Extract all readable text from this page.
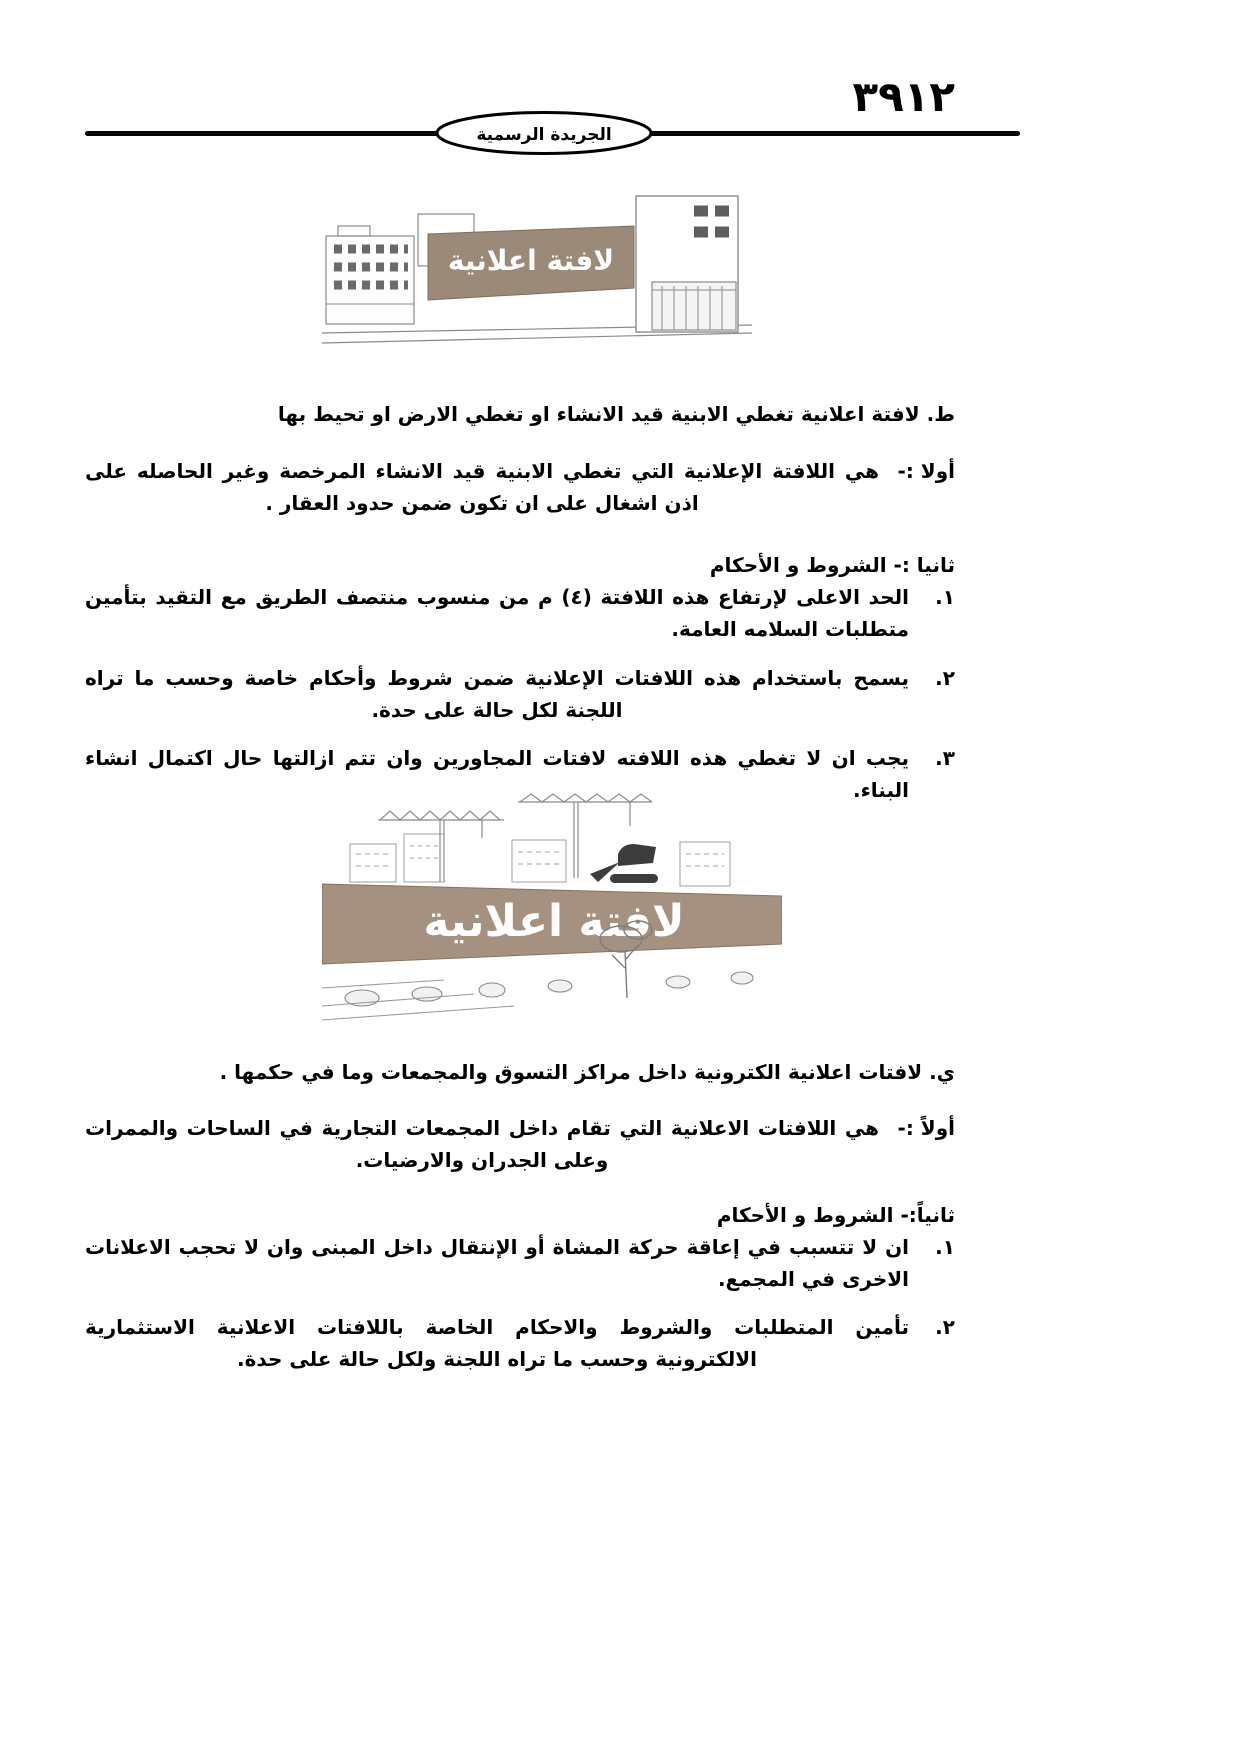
٣٩١٢
الجريدة الرسمية
لافتة اعلانية
ط. لافتة اعلانية تغطي الابنية قيد الانشاء او تغطي الارض او تحيط بها
أولا :-
هي اللافتة الإعلانية التي تغطي الابنية قيد الانشاء المرخصة وغير الحاصله على اذن اشغال على ان تكون ضمن حدود العقار .
ثانيا :- الشروط و الأحكام
١.
الحد الاعلى لإرتفاع هذه اللافتة (٤) م من منسوب منتصف الطريق مع التقيد بتأمين متطلبات السلامه العامة.
٢.
يسمح باستخدام هذه اللافتات الإعلانية ضمن شروط وأحكام خاصة وحسب ما تراه اللجنة لكل حالة على حدة.
٣.
يجب ان لا تغطي هذه اللافته لافتات المجاورين وان تتم ازالتها حال اكتمال انشاء البناء.
لافتة اعلانية
ي. لافتات اعلانية الكترونية داخل مراكز التسوق والمجمعات وما في حكمها .
أولاً :-
هي اللافتات الاعلانية التي تقام داخل المجمعات التجارية في الساحات والممرات وعلى الجدران والارضيات.
ثانياً:- الشروط و الأحكام
١.
ان لا تتسبب في إعاقة حركة المشاة أو الإنتقال داخل المبنى وان لا تحجب الاعلانات الاخرى في المجمع.
٢.
تأمين المتطلبات والشروط والاحكام الخاصة باللافتات الاعلانية الاستثمارية الالكترونية وحسب ما تراه اللجنة ولكل حالة على حدة.
